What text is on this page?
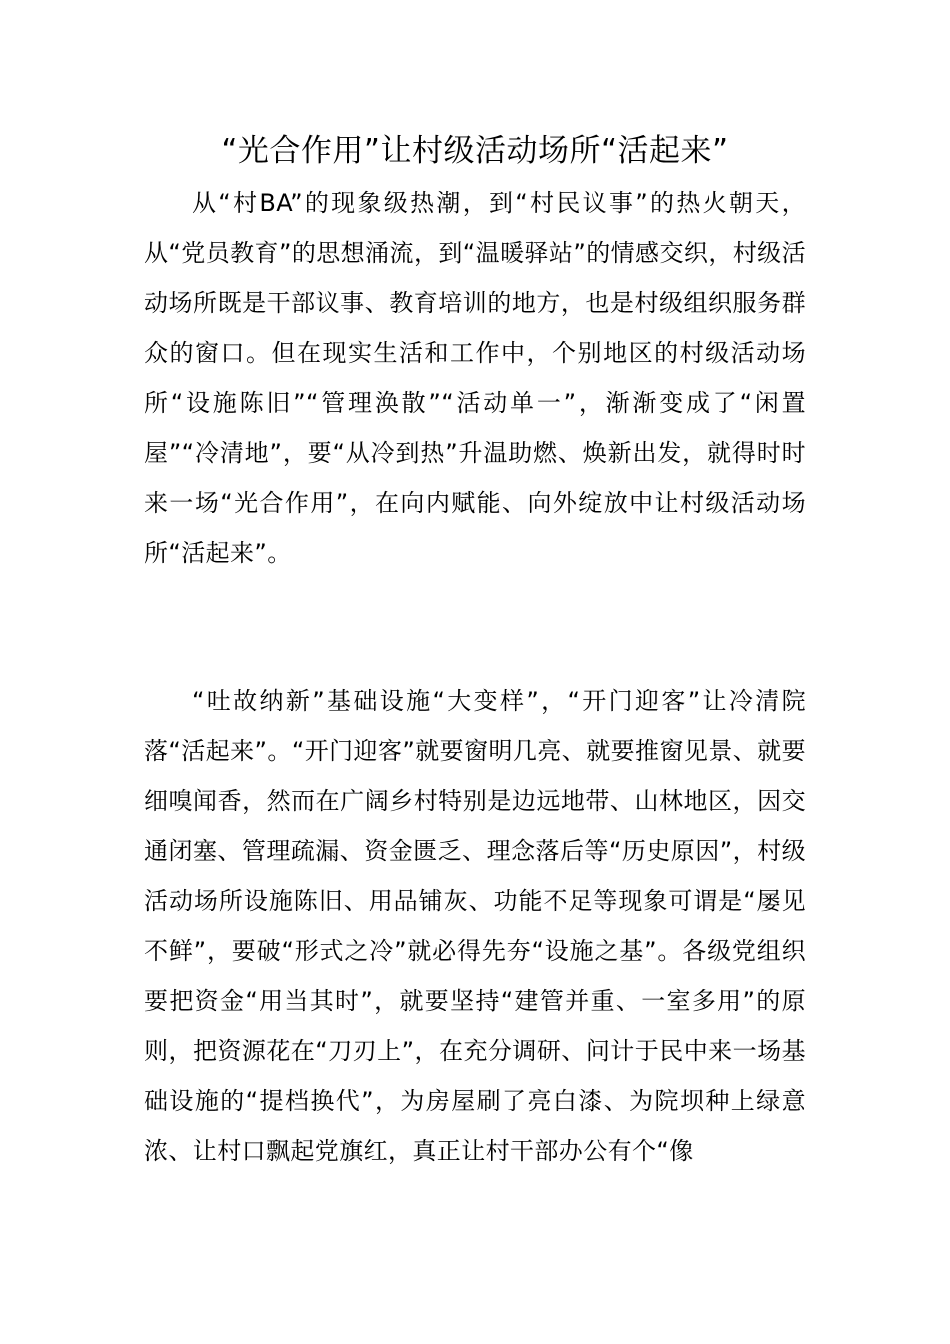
“光合作用”让村级活动场所“活起来”

从“村BA”的现象级热潮，到“村民议事”的热火朝天，从“党员教育”的思想涌流，到“温暖驿站”的情感交织，村级活动场所既是干部议事、教育培训的地方，也是村级组织服务群众的窗口。但在现实生活和工作中，个别地区的村级活动场所“设施陈旧”“管理涣散”“活动单一”，渐渐变成了“闲置屋”“冷清地”，要“从冷到热”升温助燃、焕新出发，就得时时来一场“光合作用”，在向内赋能、向外绽放中让村级活动场所“活起来”。

“吐故纳新”基础设施“大变样”，“开门迎客”让冷清院落“活起来”。“开门迎客”就要窗明几亮、就要推窗见景、就要细嗅闻香，然而在广阔乡村特别是边远地带、山林地区，因交通闭塞、管理疏漏、资金匮乏、理念落后等“历史原因”，村级活动场所设施陈旧、用品铺灰、功能不足等现象可谓是“屡见不鲜”，要破“形式之冷”就必得先夯“设施之基”。各级党组织要把资金“用当其时”，就要坚持“建管并重、一室多用”的原则，把资源花在“刀刃上”，在充分调研、问计于民中来一场基础设施的“提档换代”，为房屋刷了亮白漆、为院坝种上绿意浓、让村口飘起党旗红，真正让村干部办公有个“像
